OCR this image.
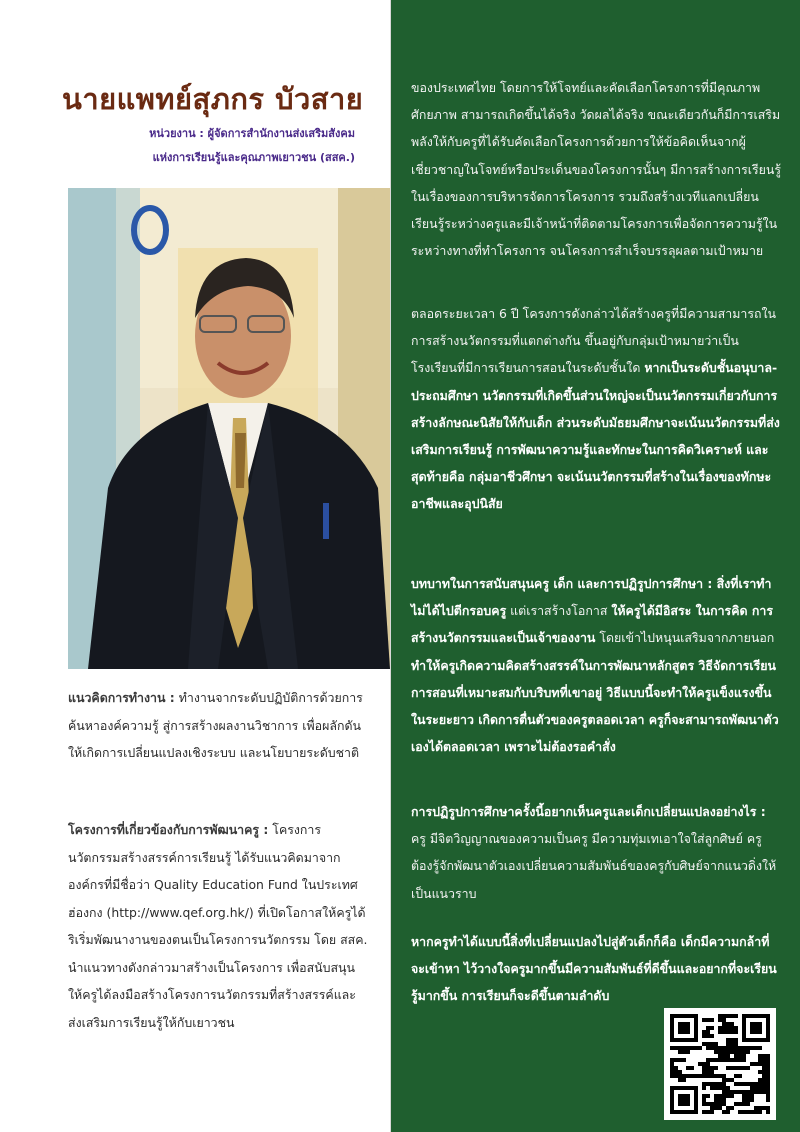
นายแพทย์สุภกร บัวสาย
หน่วยงาน : ผู้จัดการสำนักงานส่งเสริมสังคม
แห่งการเรียนรู้และคุณภาพเยาวชน (สสค.)
แนวคิดการทำงาน : ทำงานจากระดับปฏิบัติการด้วยการค้นหาองค์ความรู้ สู่การสร้างผลงานวิชาการ เพื่อผลักดันให้เกิดการเปลี่ยนแปลงเชิงระบบ และนโยบายระดับชาติ
โครงการที่เกี่ยวข้องกับการพัฒนาครู : โครงการนวัตกรรมสร้างสรรค์การเรียนรู้ ได้รับแนวคิดมาจากองค์กรที่มีชื่อว่า Quality Education Fund ในประเทศฮ่องกง (http://www.qef.org.hk/) ที่เปิดโอกาสให้ครูได้ริเริ่มพัฒนางานของตนเป็นโครงการนวัตกรรม โดย สสค. นำแนวทางดังกล่าวมาสร้างเป็นโครงการ เพื่อสนับสนุนให้ครูได้ลงมือสร้างโครงการนวัตกรรมที่สร้างสรรค์และส่งเสริมการเรียนรู้ให้กับเยาวชน
ของประเทศไทย โดยการให้โจทย์และคัดเลือกโครงการที่มีคุณภาพ ศักยภาพ สามารถเกิดขึ้นได้จริง วัดผลได้จริง ขณะเดียวกันก็มีการเสริมพลังให้กับครูที่ได้รับคัดเลือกโครงการด้วยการให้ข้อคิดเห็นจากผู้เชี่ยวชาญในโจทย์หรือประเด็นของโครงการนั้นๆ มีการสร้างการเรียนรู้ในเรื่องของการบริหารจัดการโครงการ รวมถึงสร้างเวทีแลกเปลี่ยนเรียนรู้ระหว่างครูและมีเจ้าหน้าที่ติดตามโครงการเพื่อจัดการความรู้ในระหว่างทางที่ทำโครงการ จนโครงการสำเร็จบรรลุผลตามเป้าหมาย
ตลอดระยะเวลา 6 ปี โครงการดังกล่าวได้สร้างครูที่มีความสามารถในการสร้างนวัตกรรมที่แตกต่างกัน ขึ้นอยู่กับกลุ่มเป้าหมายว่าเป็นโรงเรียนที่มีการเรียนการสอนในระดับชั้นใด หากเป็นระดับชั้นอนุบาล-ประถมศึกษา นวัตกรรมที่เกิดขึ้นส่วนใหญ่จะเป็นนวัตกรรมเกี่ยวกับการสร้างลักษณะนิสัยให้กับเด็ก ส่วนระดับมัธยมศึกษาจะเน้นนวัตกรรมที่ส่งเสริมการเรียนรู้ การพัฒนาความรู้และทักษะในการคิดวิเคราะห์ และสุดท้ายคือ กลุ่มอาชีวศึกษา จะเน้นนวัตกรรมที่สร้างในเรื่องของทักษะอาชีพและอุปนิสัย
บทบาทในการสนับสนุนครู เด็ก และการปฏิรูปการศึกษา : สิ่งที่เราทำไม่ได้ไปตีกรอบครู แต่เราสร้างโอกาส ให้ครูได้มีอิสระ ในการคิด การสร้างนวัตกรรมและเป็นเจ้าของงาน โดยเข้าไปหนุนเสริมจากภายนอก ทำให้ครูเกิดความคิดสร้างสรรค์ในการพัฒนาหลักสูตร วิธีจัดการเรียนการสอนที่เหมาะสมกับบริบทที่เขาอยู่ วิธีแบบนี้จะทำให้ครูแข็งแรงขึ้นในระยะยาว เกิดการตื่นตัวของครูตลอดเวลา ครูก็จะสามารถพัฒนาตัวเองได้ตลอดเวลา เพราะไม่ต้องรอคำสั่ง
การปฏิรูปการศึกษาครั้งนี้อยากเห็นครูและเด็กเปลี่ยนแปลงอย่างไร : ครู มีจิตวิญญาณของความเป็นครู มีความทุ่มเทเอาใจใส่ลูกศิษย์ ครูต้องรู้จักพัฒนาตัวเองเปลี่ยนความสัมพันธ์ของครูกับศิษย์จากแนวดิ่งให้เป็นแนวราบ
หากครูทำได้แบบนี้สิ่งที่เปลี่ยนแปลงไปสู่ตัวเด็กก็คือ เด็กมีความกล้าที่จะเข้าหา ไว้วางใจครูมากขึ้นมีความสัมพันธ์ที่ดีขึ้นและอยากที่จะเรียนรู้มากขึ้น การเรียนก็จะดีขึ้นตามลำดับ
